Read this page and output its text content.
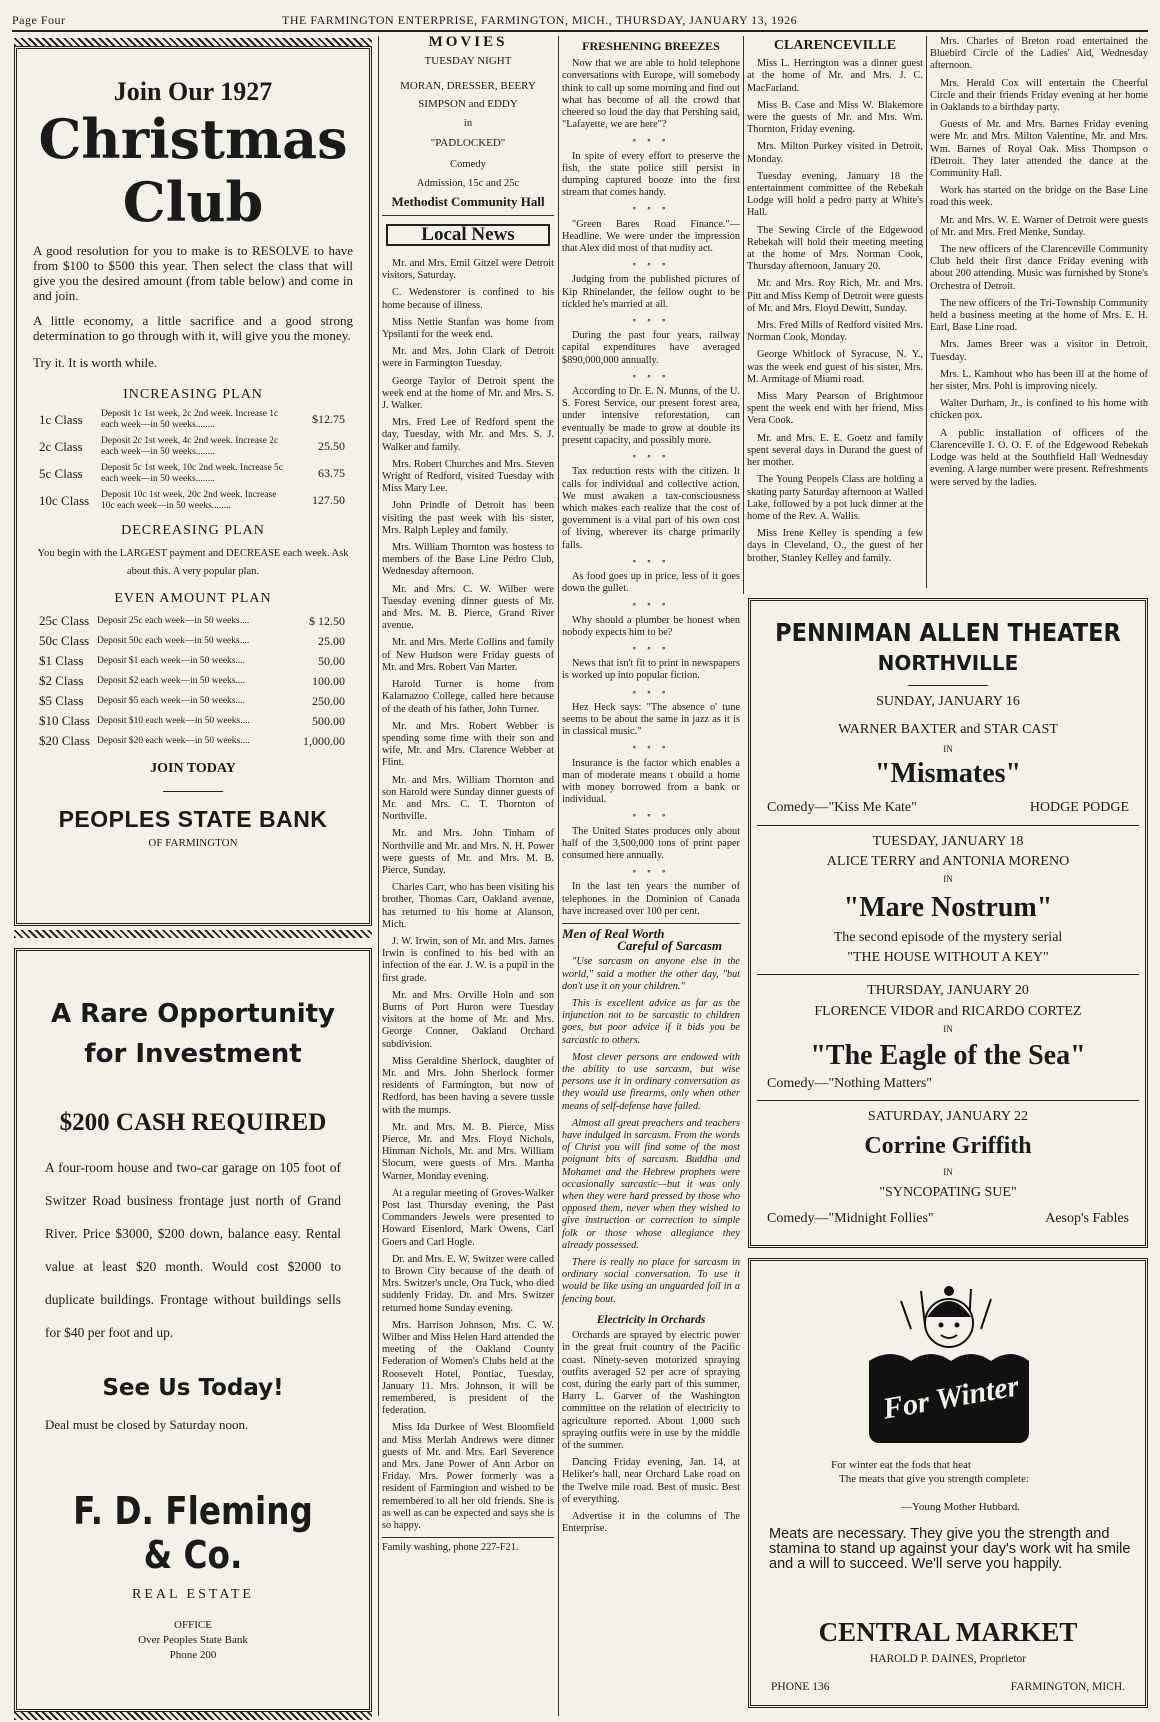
Page Four	THE FARMINGTON ENTERPRISE, FARMINGTON, MICH., THURSDAY, JANUARY 13, 1926
Join Our 1927
Christmas
Club
A good resolution for you to make is to RESOLVE to have from $100 to $500 this year. Then select the class that will give you the desired amount (from table below) and come in and join.
A little economy, a little sacrifice and a good strong determination to go through with it, will give you the money.
Try it. It is worth while.
INCREASING PLAN
1c Class	Deposit 1c 1st week, 2c 2nd week. Increase 1c each week—in 50 weeks........	$12.75
2c Class	Deposit 2c 1st week, 4c 2nd week. Increase 2c each week—in 50 weeks........	25.50
5c Class	Deposit 5c 1st week, 10c 2nd week. Increase 5c each week—in 50 weeks........	63.75
10c Class	Deposit 10c 1st week, 20c 2nd week. Increase 10c each week—in 50 weeks........	127.50
DECREASING PLAN
You begin with the LARGEST payment and DECREASE each week. Ask about this. A very popular plan.
EVEN AMOUNT PLAN
25c Class Deposit 25c each week—in 50 weeks....	$ 12.50
50c Class Deposit 50c each week—in 50 weeks....	25.00
$1 Class	Deposit $1 each week—in 50 weeks....	50.00
$2 Class	Deposit $2 each week—in 50 weeks....	100.00
$5 Class	Deposit $5 each week—in 50 weeks....	250.00
$10 Class Deposit $10 each week—in 50 weeks....	500.00
$20 Class Deposit $20 each week—in 50 weeks....	1,000.00
JOIN TODAY
PEOPLES STATE BANK
OF FARMINGTON
A Rare Opportunity
for Investment
$200 CASH REQUIRED
A four-room house and two-car garage on 105 foot of Switzer Road business frontage just north of Grand River. Price $3000, $200 down, balance easy. Rental value at least $20 month. Would cost $2000 to duplicate buildings. Frontage without buildings sells for $40 per foot and up.
See Us Today!
Deal must be closed by Saturday noon.
F. D. Fleming & Co.
REAL ESTATE
OFFICE
Over Peoples State Bank
Phone 200
MOVIES
TUESDAY NIGHT
MORAN, DRESSER, BEERY SIMPSON and EDDY
in
"PADLOCKED"
Comedy
Admission, 15c and 25c
Methodist Community Hall
Local News

Mr. and Mrs. Emil Gitzel were Detroit visitors, Saturday.

C. Wedenstorer is confined to his home because of illness.

Miss Nettie Stanfan was home from Ypsilanti for the week end.

Mr. and Mrs. John Clark of Detroit were in Farmington Tuesday.

George Taylor of Detroit spent the week end at the home of Mr. and Mrs. S. J. Walker.

Mrs. Fred Lee of Redford spent the day, Tuesday, with Mr. and Mrs. S. J. Walker and family.

Mrs. Robert Churches and Mrs. Steven Wright of Redford, visited Tuesday with Miss Mary Lee.

John Prindle of Detroit has been visiting the past week with his sister, Mrs. Ralph Lepley and family.

Mrs. William Thornton was hostess to members of the Base Line Pedro Club, Wednesday afternoon.

Mr. and Mrs. C. W. Wilber were Tuesday evening dinner guests of Mr. and Mrs. M. B. Pierce, Grand River avenue.

Mr. and Mrs. Merle Collins and family of New Hudson were Friday guests of Mr. and Mrs. Robert Van Marter.

Harold Turner is home from Kalamazoo College, called here because of the death of his father, John Turner.

Mr. and Mrs. Robert Webber is spending some time with their son and wife, Mr. and Mrs. Clarence Webber at Flint.

Mr. and Mrs. William Thornton and son Harold were Sunday dinner guests of Mr. and Mrs. C. T. Thornton of Northville.

Mr. and Mrs. John Tinham of Northville and Mr. and Mrs. N. H. Power were guests of Mr. and Mrs. M. B. Pierce, Sunday.

Charles Carr, who has been visiting his brother, Thomas Carr, Oakland avenue, has returned to his home at Alanson, Mich.

J. W. Irwin, son of Mr. and Mrs. James Irwin is confined to his bed with an infection of the ear. J. W. is a pupil in the first grade.

Mr. and Mrs. Orville Holn and son Burns of Port Huron were Tuesday visitors at the home of Mr. and Mrs. George Conner, Oakland Orchard subdivision.

Miss Geraldine Sherlock, daughter of Mr. and Mrs. John Sherlock former residents of Farmington, but now of Redford, has been having a severe tussle with the mumps.

Mr. and Mrs. M. B. Pierce, Miss Pierce, Mr. and Mrs. Floyd Nichols, Hinman Nichols, Mr. and Mrs. William Slocum, were guests of Mrs. Martha Warner, Monday evening.

At a regular meeting of Groves-Walker Post last Thursday evening, the Past Commanders Jewels were presented to Howard Eisenlord, Mark Owens, Carl Goers and Carl Hogle.

Dr. and Mrs. E. W. Switzer were called to Brown City because of the death of Mrs. Switzer's uncle, Ora Tuck, who died suddenly Friday. Dr. and Mrs. Switzer returned home Sunday evening.

Mrs. Harrison Johnson, Mrs. C. W. Wilber and Miss Helen Hard attended the meeting of the Oakland County Federation of Women's Clubs held at the Roosevelt Hotel, Pontiac, Tuesday, January 11. Mrs. Johnson, it will be remembered, is president of the federation.

Miss Ida Durkee of West Bloomfield and Miss Merlah Andrews were dinner guests of Mr. and Mrs. Earl Severence and Mrs. Jane Power of Ann Arbor on Friday. Mrs. Power formerly was a resident of Farmington and wished to be remembered to all her old friends. She is as well as can be expected and says she is so happy.

Family washing, phone 227-F21.
FRESHENING BREEZES

Now that we are able to hold telephone conversations with Europe, will somebody think to call up some morning and find out what has become of all the crowd that cheered so loud the day that Pershing said, "Lafayette, we are here"?

∘ ∘ ∘

In spite of every effort to preserve the fish, the state police still persist in dumping captured booze into the first stream that comes handy.

∘ ∘ ∘

"Green Bares Road Finance."—Headline. We were under the impression that Alex did most of that nudity act.

∘ ∘ ∘

Judging from the published pictures of Kip Rhinelander, the fellow ought to be tickled he's married at all.

∘ ∘ ∘

During the past four years, railway capital expenditures have averaged $890,000,000 annually.

∘ ∘ ∘

According to Dr. E. N. Munns, of the U. S. Forest Service, our present forest area, under intensive reforestation, can eventually be made to grow at double its present capacity, and possibly more.

∘ ∘ ∘

Tax reduction rests with the citizen. It calls for individual and collective action. We must awaken a tax-consciousness which makes each realize that the cost of government is a vital part of his own cost of living, wherever its charge primarily falls.

∘ ∘ ∘

As food goes up in price, less of it goes down the gullet.

∘ ∘ ∘

Why should a plumber be honest when nobody expects him to be?

∘ ∘ ∘

News that isn't fit to print in newspapers is worked up into popular fiction.

∘ ∘ ∘

Hez Heck says: "The absence o' tune seems to be about the same in jazz as it is in classical music."

∘ ∘ ∘

Insurance is the factor which enables a man of moderate means t obuild a home with money borrowed from a bank or individual.

∘ ∘ ∘

The United States produces only about half of the 3,500,000 tons of print paper consumed here annually.

∘ ∘ ∘

In the last ten years the number of telephones in the Dominion of Canada have increased over 100 per cent.

Men of Real Worth
Careful of Sarcasm

"Use sarcasm on anyone else in the world," said a mother the other day, "but don't use it on your children."

This is excellent advice as far as the injunction not to be sarcastic to children goes, but poor advice if it bids you be sarcastic to others.

Most clever persons are endowed with the ability to use sarcasm, but wise persons use it in ordinary conversation as they would use firearms, only when other means of self-defense have failed.

Almost all great preachers and teachers have indulged in sarcasm. From the words of Christ you will find some of the most poignant bits of sarcasm. Buddha and Mohamet and the Hebrew prophets were occasionally sarcastic—but it was only when they were hard pressed by those who opposed them, never when they wished to give instruction or correction to simple folk or those whose allegiance they already possessed.

There is really no place for sarcasm in ordinary social conversation. To use it would be like using an unguarded foil in a fencing bout.

Electricity in Orchards

Orchards are sprayed by electric power in the great fruit country of the Pacific coast. Ninety-seven motorized spraying outfits averaged 52 per acre of spraying cost, during the early part of this summer, Harry L. Garver of the Washington committee on the relation of electricity to agriculture reported. About 1,000 such spraying outfits were in use by the middle of the summer.

Dancing Friday evening, Jan. 14, at Heliker's hall, near Orchard Lake road on the Twelve mile road. Best of music. Best of everything.

Advertise it in the columns of The Enterprise.

CLARENCEVILLE

Miss L. Herrington was a dinner guest at the home of Mr. and Mrs. J. C. MacFarland.

Miss B. Case and Miss W. Blakemore were the guests of Mr. and Mrs. Wm. Thornton, Friday evening.

Mrs. Milton Purkey visited in Detroit, Monday.

Tuesday evening, January 18 the entertainment committee of the Rebekah Lodge will hold a pedro party at White's Hall.

The Sewing Circle of the Edgewood Rebekah will hold their meeting meeting at the home of Mrs. Norman Cook, Thursday afternoon, January 20.

Mr. and Mrs. Roy Rich, Mr. and Mrs. Pitt and Miss Kemp of Detroit were guests of Mr. and Mrs. Floyd Dewitt, Sunday.

Mrs. Fred Mills of Redford visited Mrs. Norman Cook, Monday.

George Whitlock of Syracuse, N. Y., was the week end guest of his sister, Mrs. M. Armitage of Miami road.

Miss Mary Pearson of Brightmoor spent the week end with her friend, Miss Vera Cook.

Mr. and Mrs. E. E. Goetz and family spent several days in Durand the guest of her mother.

The Young Peopels Class are holding a skating party Saturday afternoon at Walled Lake, followed by a pot luck dinner at the home of the Rev. A. Wallis.

Miss Irene Kelley is spending a few days in Cleveland, O., the guest of her brother, Stanley Kelley and family.

Mrs. Charles of Breton road entertained the Bluebird Circle of the Ladies' Aid, Wednesday afternoon.

Mrs. Herald Cox will entertain the Cheerful Circle and their friends Friday evening at her home in Oaklands to a birthday party.

Guests of Mr. and Mrs. Barnes Friday evening were Mr. and Mrs. Milton Valentine, Mr. and Mrs. Wm. Barnes of Royal Oak. Miss Thompson o fDetroit. They later attended the dance at the Community Hall.

Work has started on the bridge on the Base Line road this week.

Mr. and Mrs. W. E. Warner of Detroit were guests of Mr. and Mrs. Fred Menke, Sunday.

The new officers of the Clarenceville Community Club held their first dance Friday evening with about 200 attending. Music was furnished by Stone's Orchestra of Detroit.

The new officers of the Tri-Township Community held a business meeting at the home of Mrs. E. H. Earl, Base Line road.

Mrs. James Breer was a visitor in Detroit, Tuesday.

Mrs. L. Kamhout who has been ill at the home of her sister, Mrs. Pohl is improving nicely.

Walter Durham, Jr., is confined to his home with chicken pox.

A public installation of officers of the Clarenceville I. O. O. F. of the Edgewood Rebekah Lodge was held at the Southfield Hall Wednesday evening. A large number were present. Refreshments were served by the ladies.

PENNIMAN ALLEN THEATER
NORTHVILLE
SUNDAY, JANUARY 16
WARNER BAXTER and STAR CAST
IN
"Mismates"
Comedy—"Kiss Me Kate"	HODGE PODGE
TUESDAY, JANUARY 18
ALICE TERRY and ANTONIA MORENO
IN
"Mare Nostrum"
The second episode of the mystery serial
"THE HOUSE WITHOUT A KEY"
THURSDAY, JANUARY 20
FLORENCE VIDOR and RICARDO CORTEZ
IN
"The Eagle of the Sea"
Comedy—"Nothing Matters"
SATURDAY, JANUARY 22
Corrine Griffith
IN
"SYNCOPATING SUE"
Comedy—"Midnight Follies"	Aesop's Fables
For Winter
For winter eat the fods that heat
The meats that give you strength complete:
—Young Mother Hubbard.
Meats are necessary. They give you the strength and stamina to stand up against your day's work wit ha smile and a will to succeed. We'll serve you happily.
CENTRAL MARKET
HAROLD P. DAINES, Proprietor
PHONE 136	FARMINGTON, MICH.
